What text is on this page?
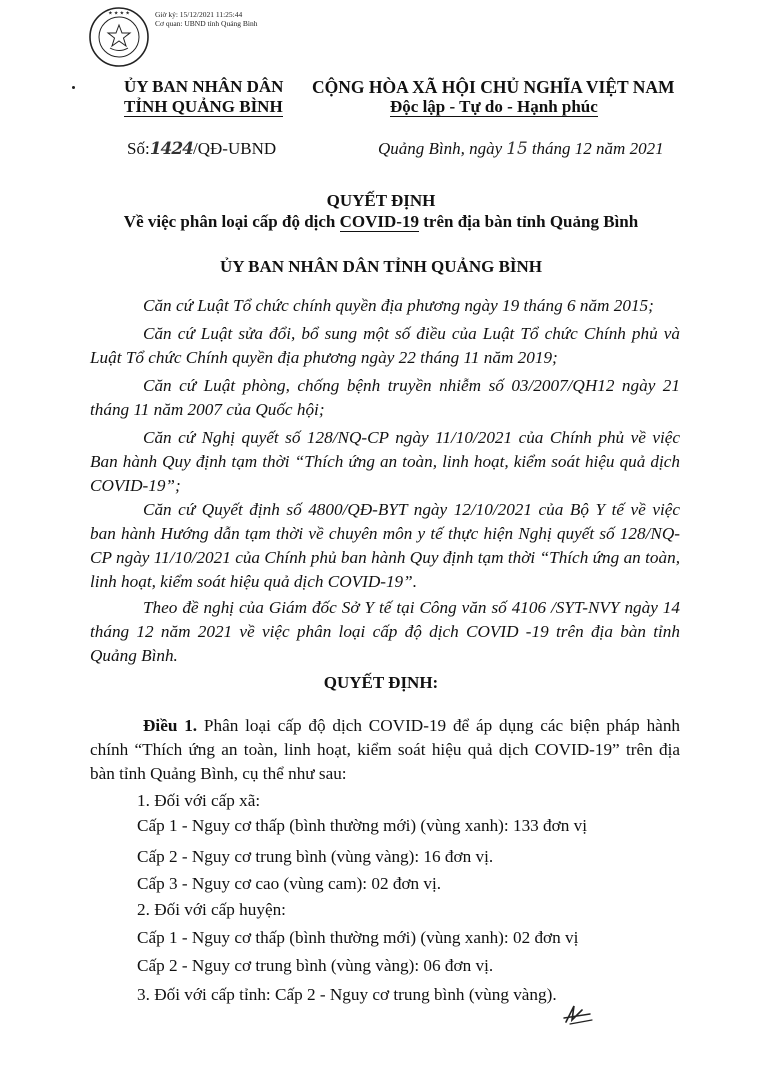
★ ★ ★ ★	Giờ ký: 15/12/2021 11:25:44
Cơ quan: UBND tỉnh Quảng Bình
ỦY BAN NHÂN DÂN
TỈNH QUẢNG BÌNH
CỘNG HÒA XÃ HỘI CHỦ NGHĨA VIỆT NAM
Độc lập - Tự do - Hạnh phúc
Số:1424/QĐ-UBND	Quảng Bình, ngày 15 tháng 12 năm 2021
QUYẾT ĐỊNH
Về việc phân loại cấp độ dịch COVID-19 trên địa bàn tỉnh Quảng Bình
ỦY BAN NHÂN DÂN TỈNH QUẢNG BÌNH
Căn cứ Luật Tổ chức chính quyền địa phương ngày 19 tháng 6 năm 2015;
Căn cứ Luật sửa đổi, bổ sung một số điều của Luật Tổ chức Chính phủ và Luật Tổ chức Chính quyền địa phương ngày 22 tháng 11 năm 2019;
Căn cứ Luật phòng, chống bệnh truyền nhiễm số 03/2007/QH12 ngày 21 tháng 11 năm 2007 của Quốc hội;
Căn cứ Nghị quyết số 128/NQ-CP ngày 11/10/2021 của Chính phủ về việc Ban hành Quy định tạm thời “Thích ứng an toàn, linh hoạt, kiểm soát hiệu quả dịch COVID-19”;
Căn cứ Quyết định số 4800/QĐ-BYT ngày 12/10/2021 của Bộ Y tế về việc ban hành Hướng dẫn tạm thời về chuyên môn y tế thực hiện Nghị quyết số 128/NQ-CP ngày 11/10/2021 của Chính phủ ban hành Quy định tạm thời “Thích ứng an toàn, linh hoạt, kiểm soát hiệu quả dịch COVID-19”.
Theo đề nghị của Giám đốc Sở Y tế tại Công văn số 4106 /SYT-NVY ngày 14 tháng 12 năm 2021 về việc phân loại cấp độ dịch COVID -19 trên địa bàn tỉnh Quảng Bình.
QUYẾT ĐỊNH:
Điều 1. Phân loại cấp độ dịch COVID-19 để áp dụng các biện pháp hành chính “Thích ứng an toàn, linh hoạt, kiểm soát hiệu quả dịch COVID-19” trên địa bàn tỉnh Quảng Bình, cụ thể như sau:
1. Đối với cấp xã:
Cấp 1 - Nguy cơ thấp (bình thường mới) (vùng xanh): 133 đơn vị
Cấp 2 - Nguy cơ trung bình (vùng vàng): 16 đơn vị.
Cấp 3 - Nguy cơ cao (vùng cam): 02 đơn vị.
2. Đối với cấp huyện:
Cấp 1 - Nguy cơ thấp (bình thường mới) (vùng xanh): 02 đơn vị
Cấp 2 - Nguy cơ trung bình (vùng vàng): 06 đơn vị.
3. Đối với cấp tỉnh: Cấp 2 - Nguy cơ trung bình (vùng vàng).
